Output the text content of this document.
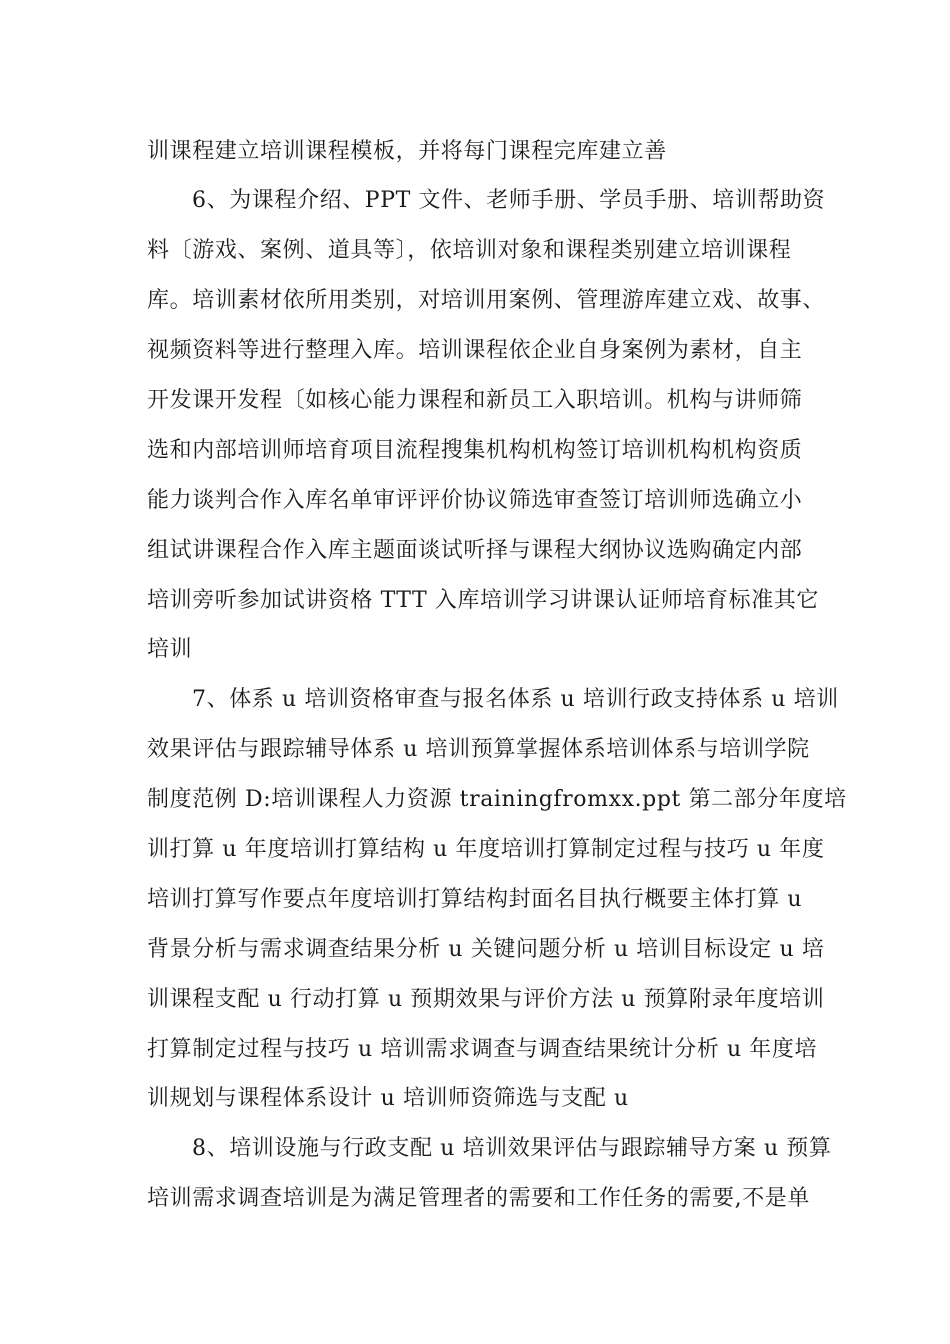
训课程建立培训课程模板，并将每门课程完库建立善
6、为课程介绍、PPT 文件、老师手册、学员手册、培训帮助资
料〔游戏、案例、道具等〕，依培训对象和课程类别建立培训课程
库。培训素材依所用类别，对培训用案例、管理游库建立戏、故事、
视频资料等进行整理入库。培训课程依企业自身案例为素材，自主
开发课开发程〔如核心能力课程和新员工入职培训。机构与讲师筛
选和内部培训师培育项目流程搜集机构机构签订培训机构机构资质
能力谈判合作入库名单审评评价协议筛选审查签订培训师选确立小
组试讲课程合作入库主题面谈试听择与课程大纲协议选购确定内部
培训旁听参加试讲资格 TTT 入库培训学习讲课认证师培育标准其它
培训
7、体系 u 培训资格审查与报名体系 u 培训行政支持体系 u 培训
效果评估与跟踪辅导体系 u 培训预算掌握体系培训体系与培训学院
制度范例 D:培训课程人力资源 trainingfromxx.ppt 第二部分年度培
训打算 u 年度培训打算结构 u 年度培训打算制定过程与技巧 u 年度
培训打算写作要点年度培训打算结构封面名目执行概要主体打算 u
背景分析与需求调查结果分析 u 关键问题分析 u 培训目标设定 u 培
训课程支配 u 行动打算 u 预期效果与评价方法 u 预算附录年度培训
打算制定过程与技巧 u 培训需求调查与调查结果统计分析 u 年度培
训规划与课程体系设计 u 培训师资筛选与支配 u
8、培训设施与行政支配 u 培训效果评估与跟踪辅导方案 u 预算
培训需求调查培训是为满足管理者的需要和工作任务的需要,不是单
